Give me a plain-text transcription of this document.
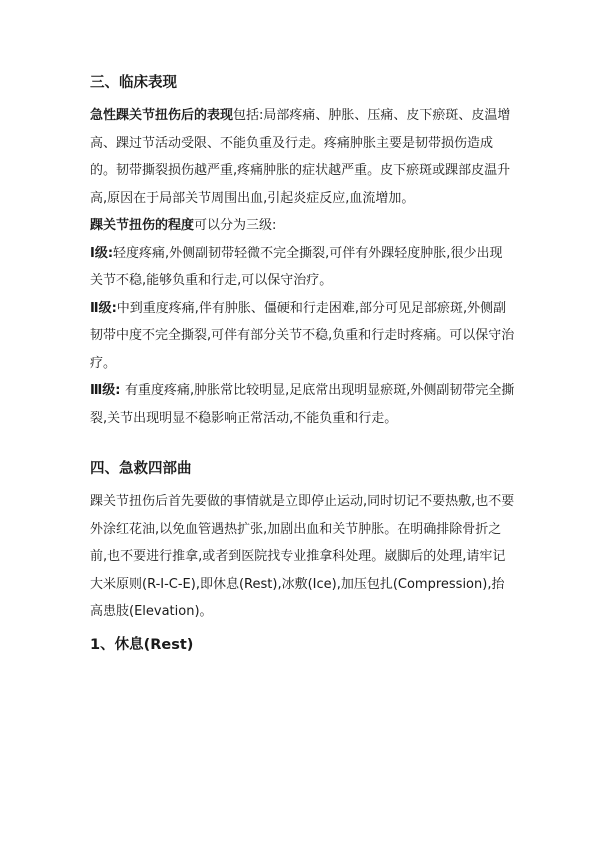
三、临床表现

急性踝关节扭伤后的表现包括:局部疼痛、肿胀、压痛、皮下瘀斑、皮温增高、踝过节活动受限、不能负重及行走。疼痛肿胀主要是韧带损伤造成的。韧带撕裂损伤越严重,疼痛肿胀的症状越严重。皮下瘀斑或踝部皮温升高,原因在于局部关节周围出血,引起炎症反应,血流增加。

踝关节扭伤的程度可以分为三级:

Ⅰ级:轻度疼痛,外侧副韧带轻微不完全撕裂,可伴有外踝轻度肿胀,很少出现关节不稳,能够负重和行走,可以保守治疗。

Ⅱ级:中到重度疼痛,伴有肿胀、僵硬和行走困难,部分可见足部瘀斑,外侧副韧带中度不完全撕裂,可伴有部分关节不稳,负重和行走时疼痛。可以保守治疗。

Ⅲ级: 有重度疼痛,肿胀常比较明显,足底常出现明显瘀斑,外侧副韧带完全撕裂,关节出现明显不稳影响正常活动,不能负重和行走。

四、急救四部曲

踝关节扭伤后首先要做的事情就是立即停止运动,同时切记不要热敷,也不要外涂红花油,以免血管遇热扩张,加剧出血和关节肿胀。在明确排除骨折之前,也不要进行推拿,或者到医院找专业推拿科处理。崴脚后的处理,请牢记大米原则(R-I-C-E),即休息(Rest),冰敷(Ice),加压包扎(Compression),抬高患肢(Elevation)。

1、休息(Rest)
